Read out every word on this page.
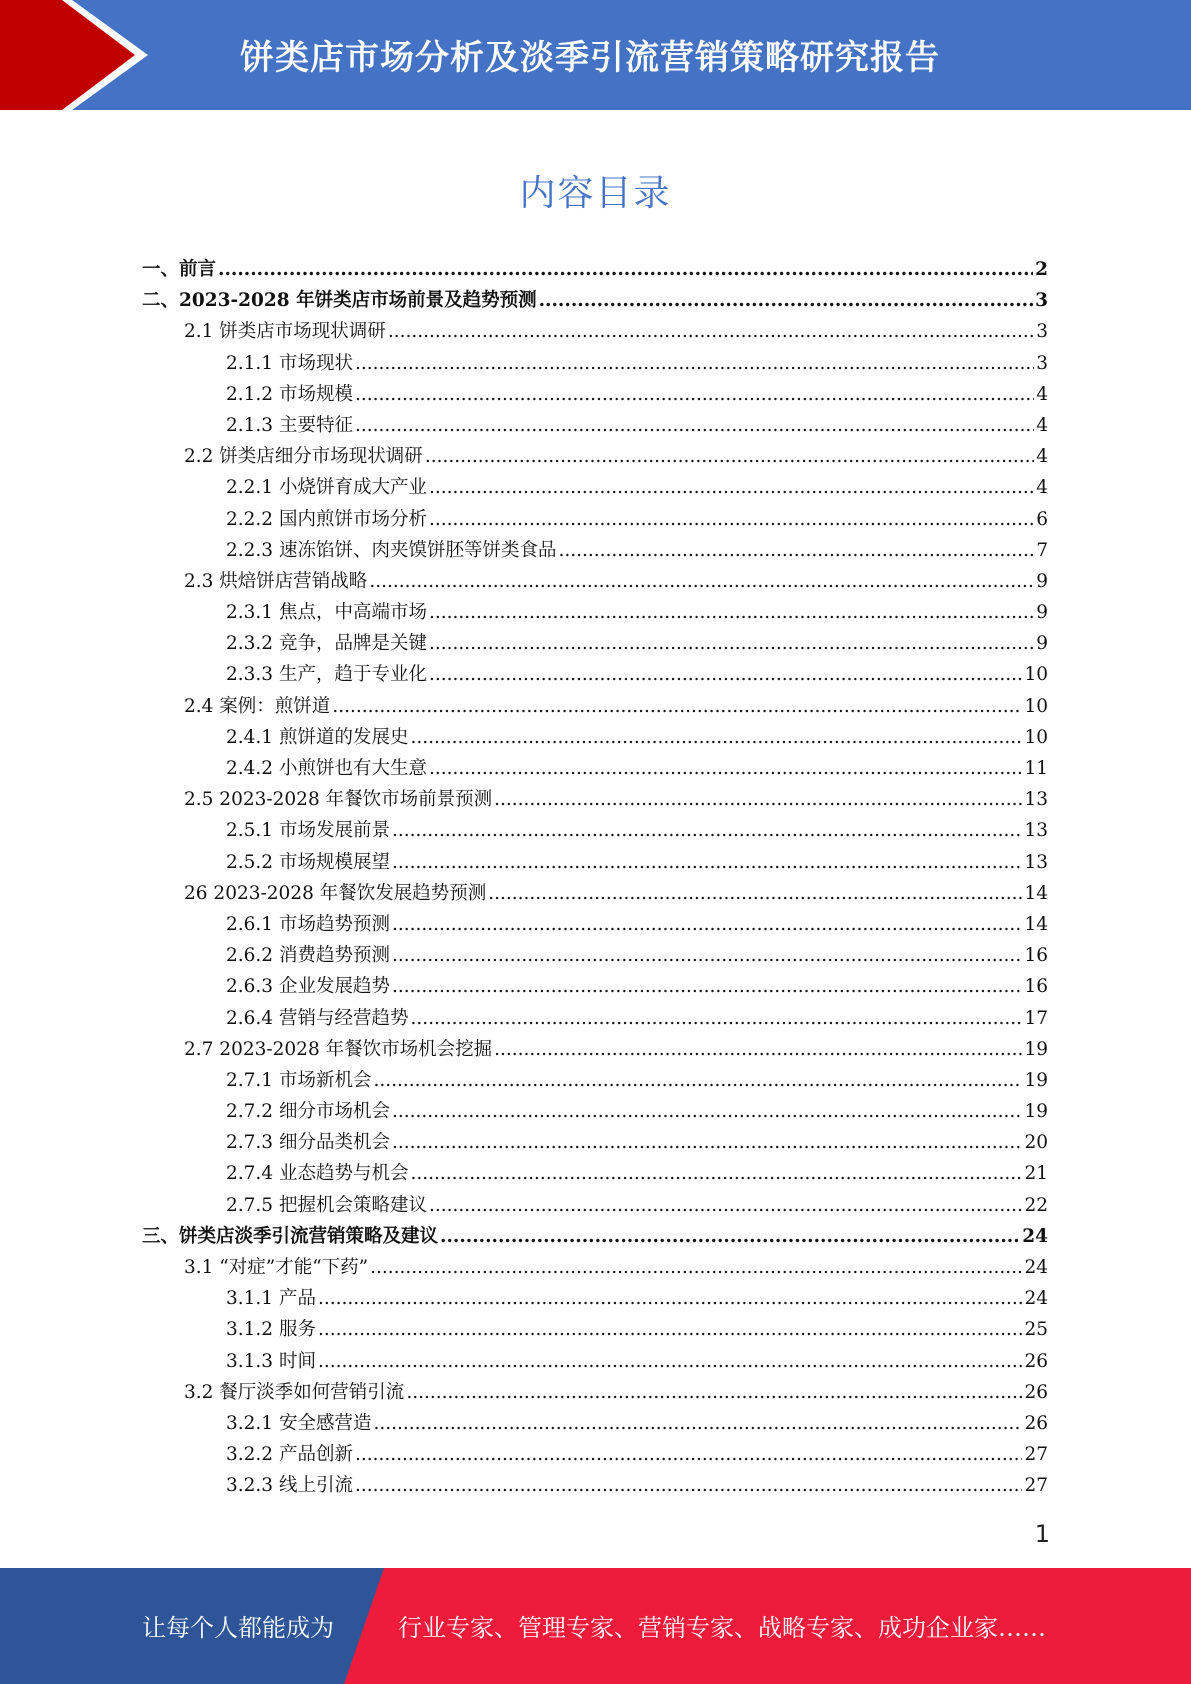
饼类店市场分析及淡季引流营销策略研究报告
内容目录
一、前言 .....	2
二、2023-2028 年饼类店市场前景及趋势预测 .....	3
2.1 饼类店市场现状调研 .....	3
2.1.1 市场现状 .....	3
2.1.2 市场规模 .....	4
2.1.3 主要特征 .....	4
2.2 饼类店细分市场现状调研 .....	4
2.2.1 小烧饼育成大产业 .....	4
2.2.2 国内煎饼市场分析 .....	6
2.2.3 速冻馅饼、肉夹馍饼胚等饼类食品 .....	7
2.3 烘焙饼店营销战略 .....	9
2.3.1 焦点，中高端市场 .....	9
2.3.2 竞争，品牌是关键 .....	9
2.3.3 生产，趋于专业化 .....	10
2.4 案例：煎饼道 .....	10
2.4.1 煎饼道的发展史 .....	10
2.4.2 小煎饼也有大生意 .....	11
2.5 2023-2028 年餐饮市场前景预测 .....	13
2.5.1 市场发展前景 .....	13
2.5.2 市场规模展望 .....	13
26 2023-2028 年餐饮发展趋势预测 .....	14
2.6.1 市场趋势预测 .....	14
2.6.2 消费趋势预测 .....	16
2.6.3 企业发展趋势 .....	16
2.6.4 营销与经营趋势 .....	17
2.7 2023-2028 年餐饮市场机会挖掘 .....	19
2.7.1 市场新机会 .....	19
2.7.2 细分市场机会 .....	19
2.7.3 细分品类机会 .....	20
2.7.4 业态趋势与机会 .....	21
2.7.5 把握机会策略建议 .....	22
三、饼类店淡季引流营销策略及建议 .....	24
3.1 “对症”才能“下药” .....	24
3.1.1 产品 .....	24
3.1.2 服务 .....	25
3.1.3 时间 .....	26
3.2 餐厅淡季如何营销引流 .....	26
3.2.1 安全感营造 .....	26
3.2.2 产品创新 .....	27
3.2.3 线上引流 .....	27
1
让每个人都能成为	行业专家、管理专家、营销专家、战略专家、成功企业家……
